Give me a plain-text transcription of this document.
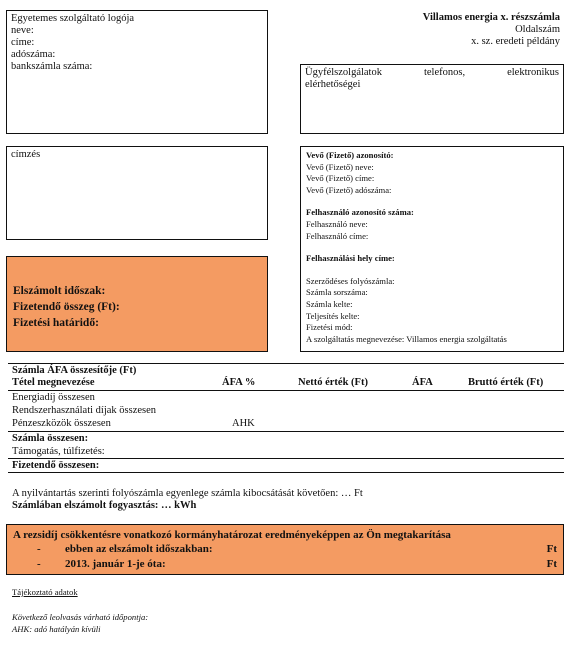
Egyetemes szolgáltató logója
neve:
címe:
adószáma:
bankszámla száma:
Villamos energia x. részszámla
Oldalszám
x. sz. eredeti példány
Ügyfélszolgálatok	telefonos,	elektronikus
elérhetőségei
címzés	Vevő (Fizető) azonosító:
Vevő (Fizető) neve:
Vevő (Fizető) címe:
Vevő (Fizető) adószáma:
Felhasználó azonosító száma:
Felhasználó neve:
Felhasználó címe:
Felhasználási hely címe:
Szerződéses folyószámla:
Számla sorszáma:
Számla kelte:
Teljesítés kelte:
Fizetési mód:
A szolgáltatás megnevezése: Villamos energia szolgáltatás
Elszámolt időszak:
Fizetendő összeg (Ft):
Fizetési határidő:
Számla ÁFA összesítője (Ft)
Tétel megnevezése	ÁFA %	Nettó érték (Ft)	ÁFA	Bruttó érték (Ft)
Energiadíj összesen
Rendszerhasználati díjak összesen
Pénzeszközök összesen	AHK
Számla összesen:
Támogatás, túlfizetés:
Fizetendő összesen:
A nyilvántartás szerinti folyószámla egyenlege számla kibocsátását követően: … Ft
Számlában elszámolt fogyasztás: … kWh
A rezsidíj csökkentésre vonatkozó kormányhatározat eredményeképpen az Ön megtakarítása
- ebben az elszámolt időszakban:	Ft
- 2013. január 1-je óta:	Ft
Tájékoztató adatok
Következő leolvasás várható időpontja:
AHK: adó hatályán kívüli
